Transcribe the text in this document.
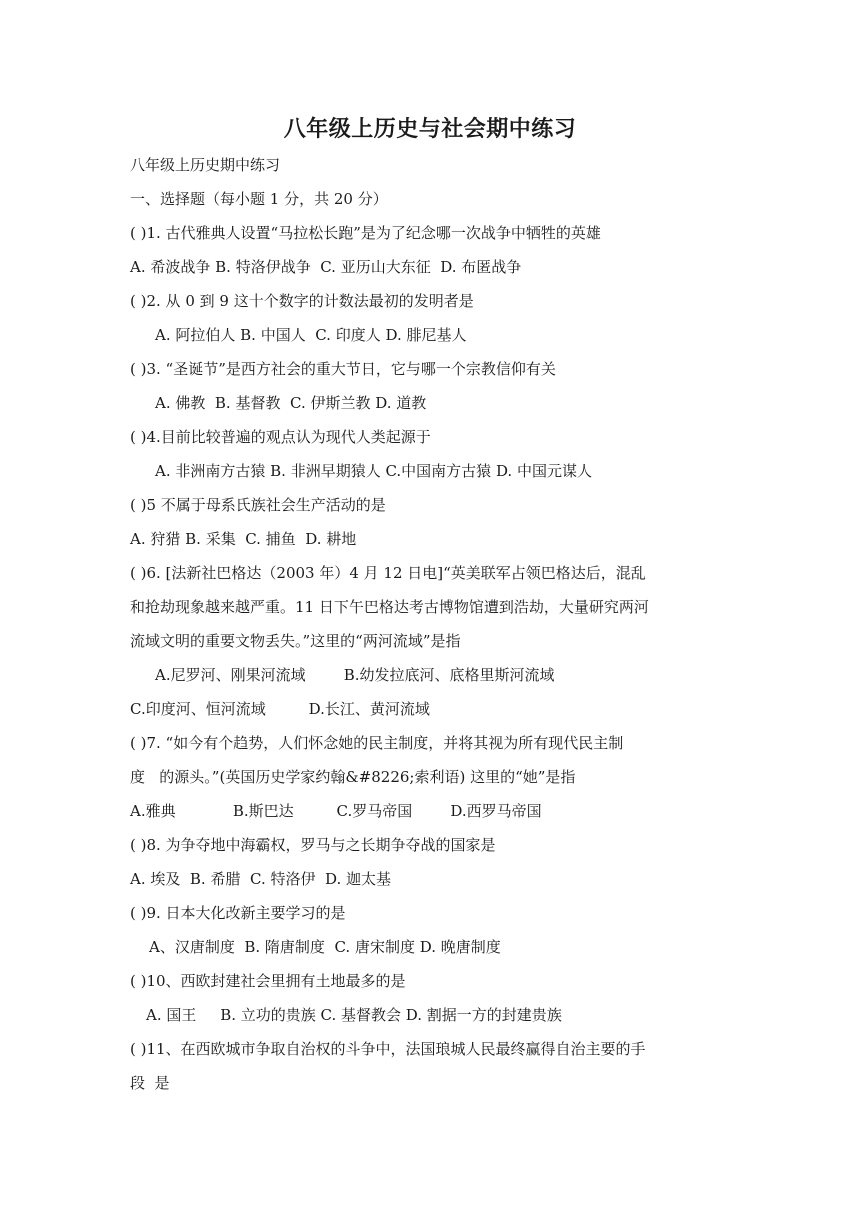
八年级上历史与社会期中练习
八年级上历史期中练习
一、选择题（每小题 1 分，共 20 分）
( )1. 古代雅典人设置“马拉松长跑”是为了纪念哪一次战争中牺牲的英雄
A. 希波战争 B. 特洛伊战争  C. 亚历山大东征  D. 布匿战争
( )2. 从 0 到 9 这十个数字的计数法最初的发明者是
A. 阿拉伯人 B. 中国人  C. 印度人 D. 腓尼基人
( )3. “圣诞节”是西方社会的重大节日，它与哪一个宗教信仰有关
A. 佛教  B. 基督教  C. 伊斯兰教 D. 道教
( )4.目前比较普遍的观点认为现代人类起源于
A. 非洲南方古猿 B. 非洲早期猿人 C.中国南方古猿 D. 中国元谋人
( )5 不属于母系氏族社会生产活动的是
A. 狩猎 B. 采集  C. 捕鱼  D. 耕地
( )6. [法新社巴格达（2003 年）4 月 12 日电]“英美联军占领巴格达后，混乱
和抢劫现象越来越严重。11 日下午巴格达考古博物馆遭到浩劫，大量研究两河
流域文明的重要文物丢失。”这里的“两河流域”是指
A.尼罗河、刚果河流域        B.幼发拉底河、底格里斯河流域
C.印度河、恒河流域         D.长江、黄河流域
( )7. “如今有个趋势，人们怀念她的民主制度，并将其视为所有现代民主制
度   的源头。”(英国历史学家约翰&#8226;索利语) 这里的“她”是指
A.雅典            B.斯巴达         C.罗马帝国        D.西罗马帝国
( )8. 为争夺地中海霸权，罗马与之长期争夺战的国家是
A. 埃及  B. 希腊  C. 特洛伊  D. 迦太基
( )9. 日本大化改新主要学习的是
A、汉唐制度  B. 隋唐制度  C. 唐宋制度 D. 晚唐制度
( )10、西欧封建社会里拥有土地最多的是
A. 国王     B. 立功的贵族 C. 基督教会 D. 割据一方的封建贵族
( )11、在西欧城市争取自治权的斗争中，法国琅城人民最终赢得自治主要的手
段  是
